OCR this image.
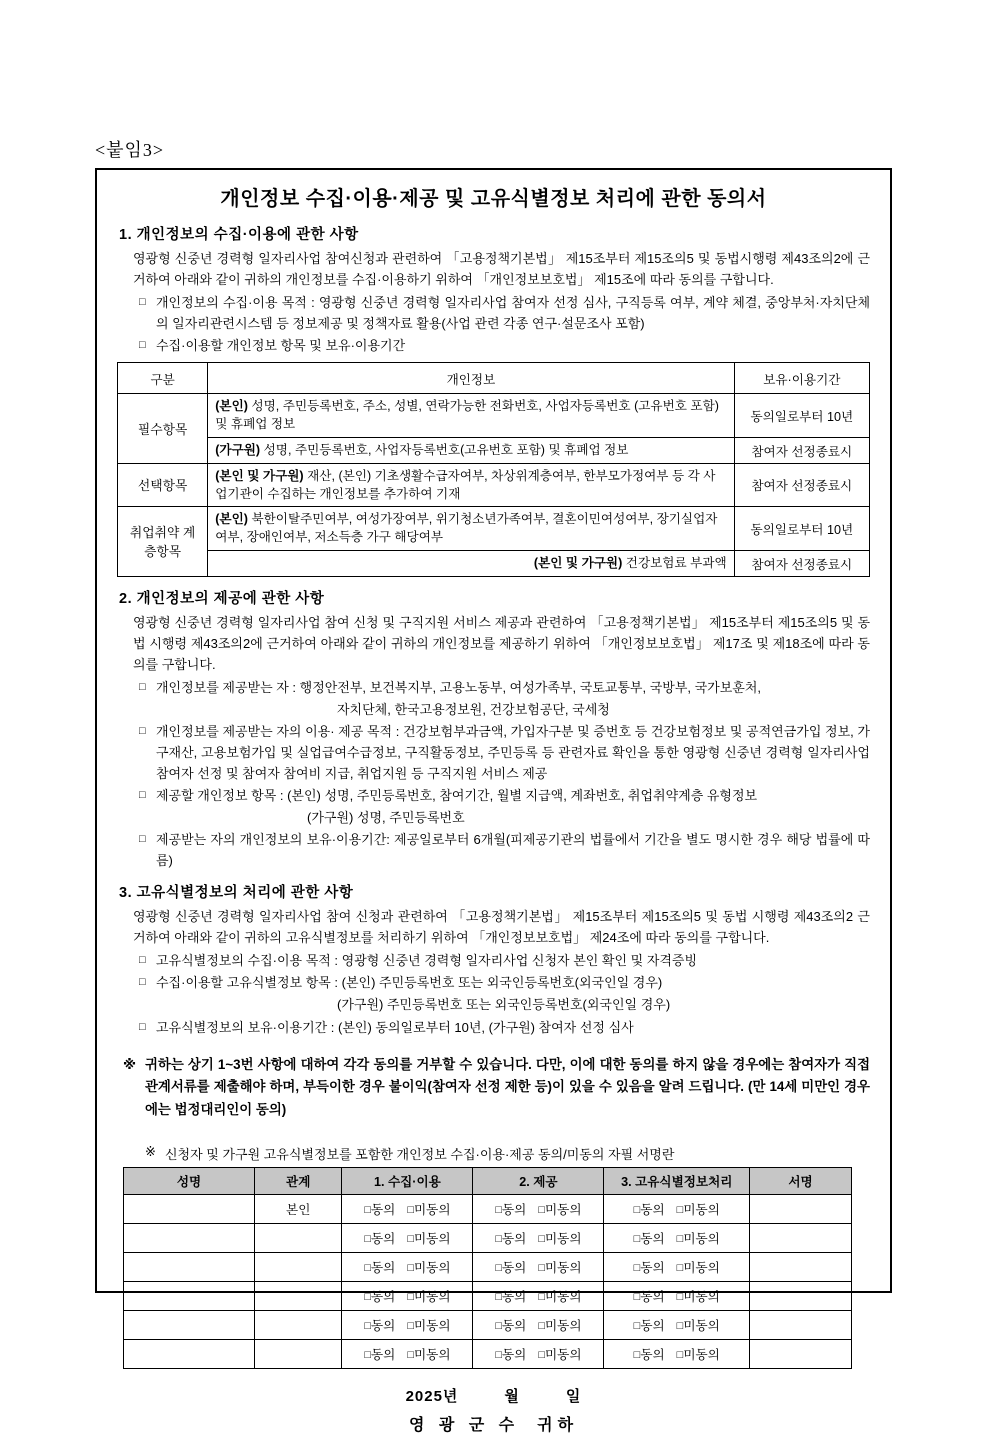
<붙임3>
개인정보 수집·이용·제공 및 고유식별정보 처리에 관한 동의서
1. 개인정보의 수집·이용에 관한 사항
영광형 신중년 경력형 일자리사업 참여신청과 관련하여 「고용정책기본법」 제15조부터 제15조의5 및 동법시행령 제43조의2에 근거하여 아래와 같이 귀하의 개인정보를 수집·이용하기 위하여 「개인정보보호법」 제15조에 따라 동의를 구합니다.
□ 개인정보의 수집·이용 목적 : 영광형 신중년 경력형 일자리사업 참여자 선정 심사, 구직등록 여부, 계약 체결, 중앙부처·자치단체의 일자리관련시스템 등 정보제공 및 정책자료 활용(사업 관련 각종 연구·설문조사 포함)
□ 수집·이용할 개인정보 항목 및 보유·이용기간
구분	개인정보	보유·이용기간
필수항목	(본인) 성명, 주민등록번호, 주소, 성별, 연락가능한 전화번호, 사업자등록번호 (고유번호 포함) 및 휴폐업 정보	동의일로부터 10년
	(가구원) 성명, 주민등록번호, 사업자등록번호(고유번호 포함) 및 휴폐업 정보	참여자 선정종료시
선택항목	(본인 및 가구원) 재산, (본인) 기초생활수급자여부, 차상위계층여부, 한부모가정여부 등 각 사업기관이 수집하는 개인정보를 추가하여 기재	참여자 선정종료시
취업취약 계층항목	(본인) 북한이탈주민여부, 여성가장여부, 위기청소년가족여부, 결혼이민여성여부, 장기실업자여부, 장애인여부, 저소득층 가구 해당여부	동의일로부터 10년
	(본인 및 가구원) 건강보험료 부과액	참여자 선정종료시
2. 개인정보의 제공에 관한 사항
영광형 신중년 경력형 일자리사업 참여 신청 및 구직지원 서비스 제공과 관련하여 「고용정책기본법」 제15조부터 제15조의5 및 동법 시행령 제43조의2에 근거하여 아래와 같이 귀하의 개인정보를 제공하기 위하여 「개인정보보호법」 제17조 및 제18조에 따라 동의를 구합니다.
□ 개인정보를 제공받는 자 : 행정안전부, 보건복지부, 고용노동부, 여성가족부, 국토교통부, 국방부, 국가보훈처,
자치단체, 한국고용정보원, 건강보험공단, 국세청
□ 개인정보를 제공받는 자의 이용· 제공 목적 : 건강보험부과금액, 가입자구분 및 증번호 등 건강보험정보 및 공적연금가입 정보, 가구재산, 고용보험가입 및 실업급여수급정보, 구직활동정보, 주민등록 등 관련자료 확인을 통한 영광형 신중년 경력형 일자리사업 참여자 선정 및 참여자 참여비 지급, 취업지원 등 구직지원 서비스 제공
□ 제공할 개인정보 항목 : (본인) 성명, 주민등록번호, 참여기간, 월별 지급액, 계좌번호, 취업취약계층 유형정보
(가구원) 성명, 주민등록번호
□ 제공받는 자의 개인정보의 보유·이용기간: 제공일로부터 6개월(피제공기관의 법률에서 기간을 별도 명시한 경우 해당 법률에 따름)
3. 고유식별정보의 처리에 관한 사항
영광형 신중년 경력형 일자리사업 참여 신청과 관련하여 「고용정책기본법」 제15조부터 제15조의5 및 동법 시행령 제43조의2 근거하여 아래와 같이 귀하의 고유식별정보를 처리하기 위하여 「개인정보보호법」 제24조에 따라 동의를 구합니다.
□ 고유식별정보의 수집·이용 목적 : 영광형 신중년 경력형 일자리사업 신청자 본인 확인 및 자격증빙
□ 수집·이용할 고유식별정보 항목 : (본인) 주민등록번호 또는 외국인등록번호(외국인일 경우)
(가구원) 주민등록번호 또는 외국인등록번호(외국인일 경우)
□ 고유식별정보의 보유·이용기간 : (본인) 동의일로부터 10년, (가구원) 참여자 선정 심사
※ 귀하는 상기 1~3번 사항에 대하여 각각 동의를 거부할 수 있습니다. 다만, 이에 대한 동의를 하지 않을 경우에는 참여자가 직접 관계서류를 제출해야 하며, 부득이한 경우 불이익(참여자 선정 제한 등)이 있을 수 있음을 알려 드립니다. (만 14세 미만인 경우에는 법정대리인이 동의)
※ 신청자 및 가구원 고유식별정보를 포함한 개인정보 수집·이용·제공 동의/미동의 자필 서명란
성명	관계	1. 수집·이용	2. 제공	3. 고유식별정보처리	서명
	본인	□동의 □미동의	□동의 □미동의	□동의 □미동의	
		□동의 □미동의	□동의 □미동의	□동의 □미동의	
		□동의 □미동의	□동의 □미동의	□동의 □미동의	
		□동의 □미동의	□동의 □미동의	□동의 □미동의	
		□동의 □미동의	□동의 □미동의	□동의 □미동의	
		□동의 □미동의	□동의 □미동의	□동의 □미동의	
2025년	월	일
영 광 군 수 귀하
